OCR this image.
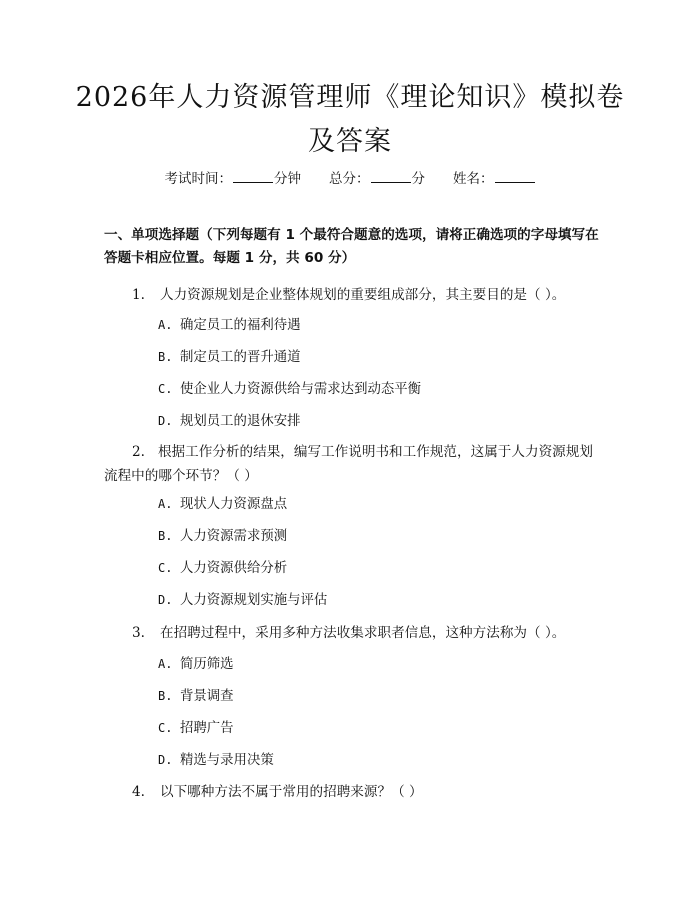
2026年人力资源管理师《理论知识》模拟卷
及答案
考试时间：	分钟 总分：	分 姓名：
一、单项选择题（下列每题有 1 个最符合题意的选项，请将正确选项的字母填写在答题卡相应位置。每题 1 分，共 60 分）
1. 人力资源规划是企业整体规划的重要组成部分，其主要目的是（ ）。
A. 确定员工的福利待遇
B. 制定员工的晋升通道
C. 使企业人力资源供给与需求达到动态平衡
D. 规划员工的退休安排
2. 根据工作分析的结果，编写工作说明书和工作规范，这属于人力资源规划流程中的哪个环节？（ ）
A. 现状人力资源盘点
B. 人力资源需求预测
C. 人力资源供给分析
D. 人力资源规划实施与评估
3. 在招聘过程中，采用多种方法收集求职者信息，这种方法称为（ ）。
A. 简历筛选
B. 背景调查
C. 招聘广告
D. 精选与录用决策
4. 以下哪种方法不属于常用的招聘来源？（ ）
